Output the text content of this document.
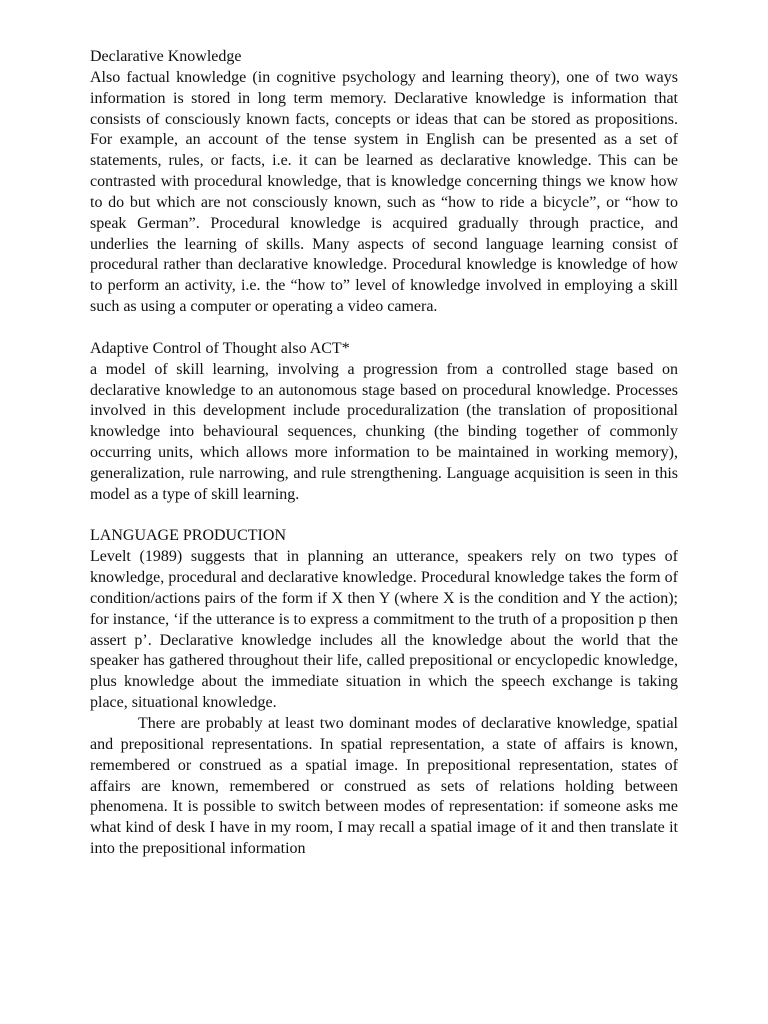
Declarative Knowledge

Also factual knowledge (in cognitive psychology and learning theory), one of two ways information is stored in long term memory. Declarative knowledge is information that consists of consciously known facts, concepts or ideas that can be stored as propositions. For example, an account of the tense system in English can be presented as a set of statements, rules, or facts, i.e. it can be learned as declarative knowledge. This can be contrasted with procedural knowledge, that is knowledge concerning things we know how to do but which are not consciously known, such as “how to ride a bicycle”, or “how to speak German”. Procedural knowledge is acquired gradually through practice, and underlies the learning of skills. Many aspects of second language learning consist of procedural rather than declarative knowledge. Procedural knowledge is knowledge of how to perform an activity, i.e. the “how to” level of knowledge involved in employing a skill such as using a computer or operating a video camera.

Adaptive Control of Thought also ACT*

a model of skill learning, involving a progression from a controlled stage based on declarative knowledge to an autonomous stage based on procedural knowledge. Processes involved in this development include proceduralization (the translation of propositional knowledge into behavioural sequences, chunking (the binding together of commonly occurring units, which allows more information to be maintained in working memory), generalization, rule narrowing, and rule strengthening. Language acquisition is seen in this model as a type of skill learning.

LANGUAGE PRODUCTION

Levelt (1989) suggests that in planning an utterance, speakers rely on two types of knowledge, procedural and declarative knowledge. Procedural knowledge takes the form of condition/actions pairs of the form if X then Y (where X is the condition and Y the action); for instance, ‘if the utterance is to express a commitment to the truth of a proposition p then assert p’. Declarative knowledge includes all the knowledge about the world that the speaker has gathered throughout their life, called prepositional or encyclopedic knowledge, plus knowledge about the immediate situation in which the speech exchange is taking place, situational knowledge.

There are probably at least two dominant modes of declarative knowledge, spatial and prepositional representations. In spatial representation, a state of affairs is known, remembered or construed as a spatial image. In prepositional representation, states of affairs are known, remembered or construed as sets of relations holding between phenomena. It is possible to switch between modes of representation: if someone asks me what kind of desk I have in my room, I may recall a spatial image of it and then translate it into the prepositional information
